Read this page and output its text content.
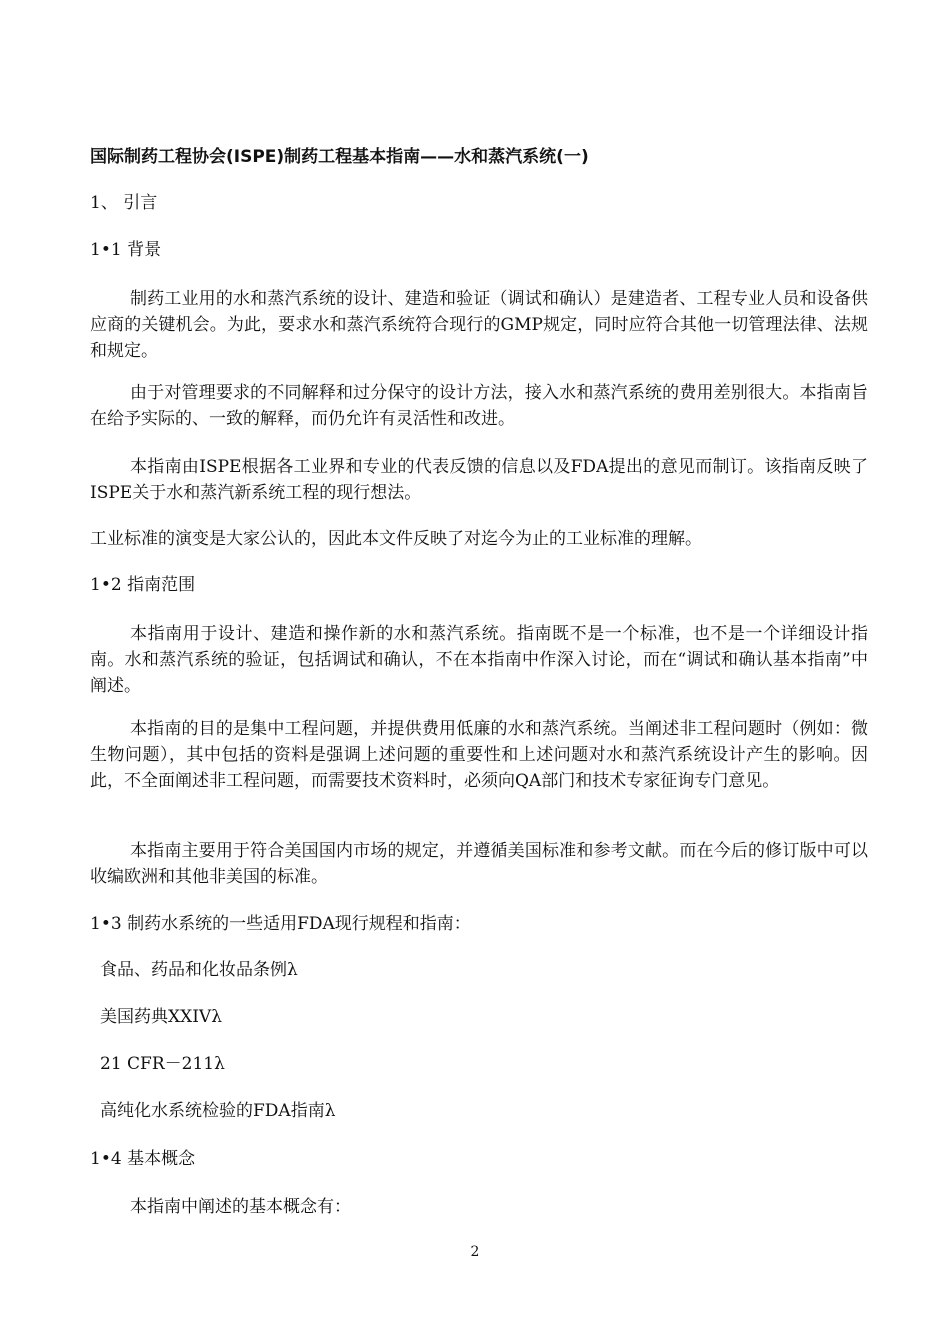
国际制药工程协会(ISPE)制药工程基本指南——水和蒸汽系统(一)
1、 引言
1•1 背景
制药工业用的水和蒸汽系统的设计、建造和验证（调试和确认）是建造者、工程专业人员和设备供应商的关键机会。为此，要求水和蒸汽系统符合现行的GMP规定，同时应符合其他一切管理法律、法规和规定。
由于对管理要求的不同解释和过分保守的设计方法，接入水和蒸汽系统的费用差别很大。本指南旨在给予实际的、一致的解释，而仍允许有灵活性和改进。
本指南由ISPE根据各工业界和专业的代表反馈的信息以及FDA提出的意见而制订。该指南反映了ISPE关于水和蒸汽新系统工程的现行想法。
工业标准的演变是大家公认的，因此本文件反映了对迄今为止的工业标准的理解。
1•2 指南范围
本指南用于设计、建造和操作新的水和蒸汽系统。指南既不是一个标准，也不是一个详细设计指南。水和蒸汽系统的验证，包括调试和确认，不在本指南中作深入讨论，而在“调试和确认基本指南”中阐述。
本指南的目的是集中工程问题，并提供费用低廉的水和蒸汽系统。当阐述非工程问题时（例如：微生物问题），其中包括的资料是强调上述问题的重要性和上述问题对水和蒸汽系统设计产生的影响。因此，不全面阐述非工程问题，而需要技术资料时，必须向QA部门和技术专家征询专门意见。
本指南主要用于符合美国国内市场的规定，并遵循美国标准和参考文献。而在今后的修订版中可以收编欧洲和其他非美国的标准。
1•3 制药水系统的一些适用FDA现行规程和指南：
食品、药品和化妆品条例λ
美国药典XXIVλ
21 CFR－211λ
高纯化水系统检验的FDA指南λ
1•4 基本概念
本指南中阐述的基本概念有：
2
